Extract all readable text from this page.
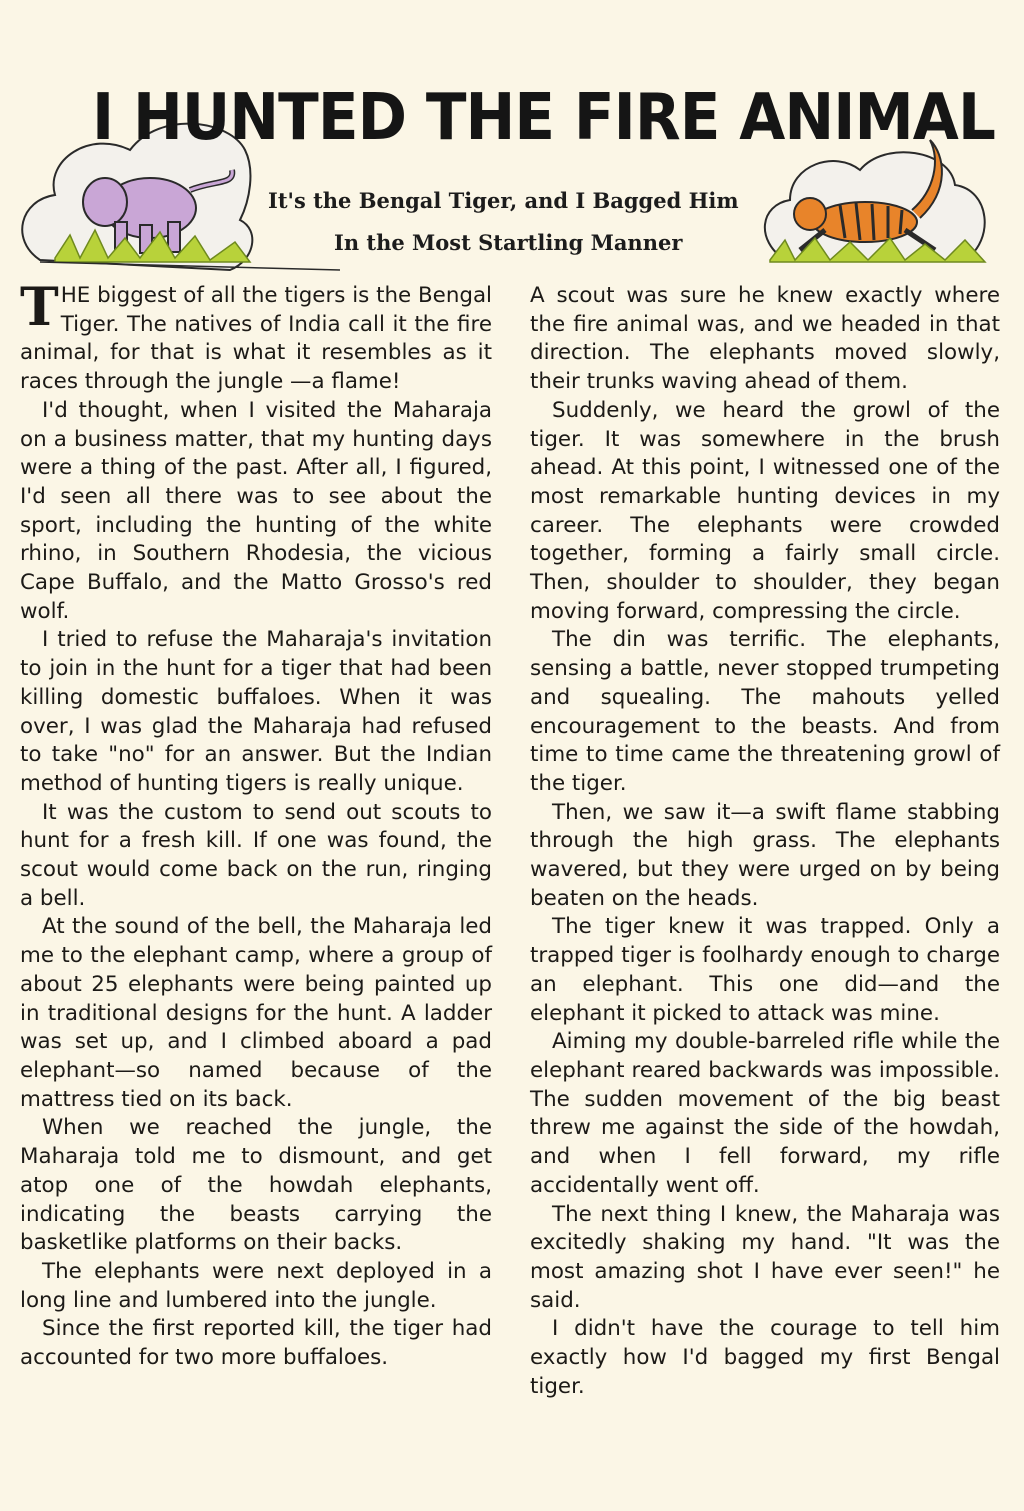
I HUNTED THE FIRE ANIMAL
It's the Bengal Tiger, and I Bagged Him
In the Most Startling Manner

THE biggest of all the tigers is the Bengal Tiger. The natives of India call it the fire animal, for that is what it resembles as it races through the jungle —a flame!

I'd thought, when I visited the Maharaja on a business matter, that my hunting days were a thing of the past. After all, I figured, I'd seen all there was to see about the sport, including the hunting of the white rhino, in Southern Rhodesia, the vicious Cape Buffalo, and the Matto Grosso's red wolf.

I tried to refuse the Maharaja's invitation to join in the hunt for a tiger that had been killing domestic buffaloes. When it was over, I was glad the Maharaja had refused to take "no" for an answer. But the Indian method of hunting tigers is really unique.

It was the custom to send out scouts to hunt for a fresh kill. If one was found, the scout would come back on the run, ringing a bell.

At the sound of the bell, the Maharaja led me to the elephant camp, where a group of about 25 elephants were being painted up in traditional designs for the hunt. A ladder was set up, and I climbed aboard a pad elephant—so named because of the mattress tied on its back.

When we reached the jungle, the Maharaja told me to dismount, and get atop one of the howdah elephants, indicating the beasts carrying the basketlike platforms on their backs.

The elephants were next deployed in a long line and lumbered into the jungle.

Since the first reported kill, the tiger had accounted for two more buffaloes.

A scout was sure he knew exactly where the fire animal was, and we headed in that direction. The elephants moved slowly, their trunks waving ahead of them.

Suddenly, we heard the growl of the tiger. It was somewhere in the brush ahead. At this point, I witnessed one of the most remarkable hunting devices in my career. The elephants were crowded together, forming a fairly small circle. Then, shoulder to shoulder, they began moving forward, compressing the circle.

The din was terrific. The elephants, sensing a battle, never stopped trumpeting and squealing. The mahouts yelled encouragement to the beasts. And from time to time came the threatening growl of the tiger.

Then, we saw it—a swift flame stabbing through the high grass. The elephants wavered, but they were urged on by being beaten on the heads.

The tiger knew it was trapped. Only a trapped tiger is foolhardy enough to charge an elephant. This one did—and the elephant it picked to attack was mine.

Aiming my double-barreled rifle while the elephant reared backwards was impossible. The sudden movement of the big beast threw me against the side of the howdah, and when I fell forward, my rifle accidentally went off.

The next thing I knew, the Maharaja was excitedly shaking my hand. "It was the most amazing shot I have ever seen!" he said.

I didn't have the courage to tell him exactly how I'd bagged my first Bengal tiger.
